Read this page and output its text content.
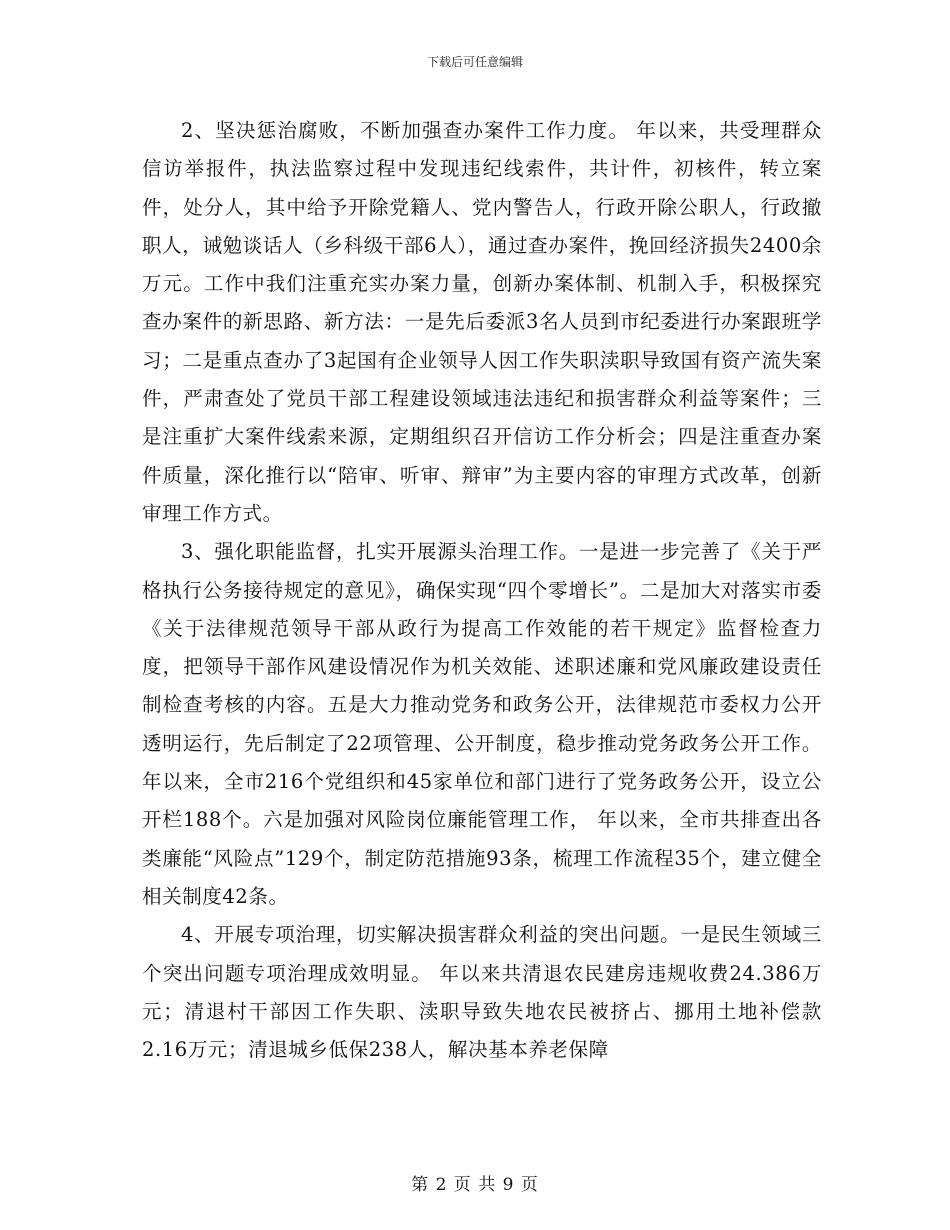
下载后可任意编辑

2、坚决惩治腐败，不断加强查办案件工作力度。 年以来，共受理群众信访举报件，执法监察过程中发现违纪线索件，共计件，初核件，转立案件，处分人，其中给予开除党籍人、党内警告人，行政开除公职人，行政撤职人，诫勉谈话人（乡科级干部6人），通过查办案件，挽回经济损失2400余万元。工作中我们注重充实办案力量，创新办案体制、机制入手，积极探究查办案件的新思路、新方法：一是先后委派3名人员到市纪委进行办案跟班学习；二是重点查办了3起国有企业领导人因工作失职渎职导致国有资产流失案件，严肃查处了党员干部工程建设领域违法违纪和损害群众利益等案件；三是注重扩大案件线索来源，定期组织召开信访工作分析会；四是注重查办案件质量，深化推行以“陪审、听审、辩审”为主要内容的审理方式改革，创新审理工作方式。

3、强化职能监督，扎实开展源头治理工作。一是进一步完善了《关于严格执行公务接待规定的意见》，确保实现“四个零增长”。二是加大对落实市委《关于法律规范领导干部从政行为提高工作效能的若干规定》监督检查力度，把领导干部作风建设情况作为机关效能、述职述廉和党风廉政建设责任制检查考核的内容。五是大力推动党务和政务公开，法律规范市委权力公开透明运行，先后制定了22项管理、公开制度，稳步推动党务政务公开工作。 年以来，全市216个党组织和45家单位和部门进行了党务政务公开，设立公开栏188个。六是加强对风险岗位廉能管理工作， 年以来，全市共排查出各类廉能“风险点”129个，制定防范措施93条，梳理工作流程35个，建立健全相关制度42条。

4、开展专项治理，切实解决损害群众利益的突出问题。一是民生领域三个突出问题专项治理成效明显。 年以来共清退农民建房违规收费24.386万元；清退村干部因工作失职、渎职导致失地农民被挤占、挪用土地补偿款2.16万元；清退城乡低保238人，解决基本养老保障

第 2 页 共 9 页
